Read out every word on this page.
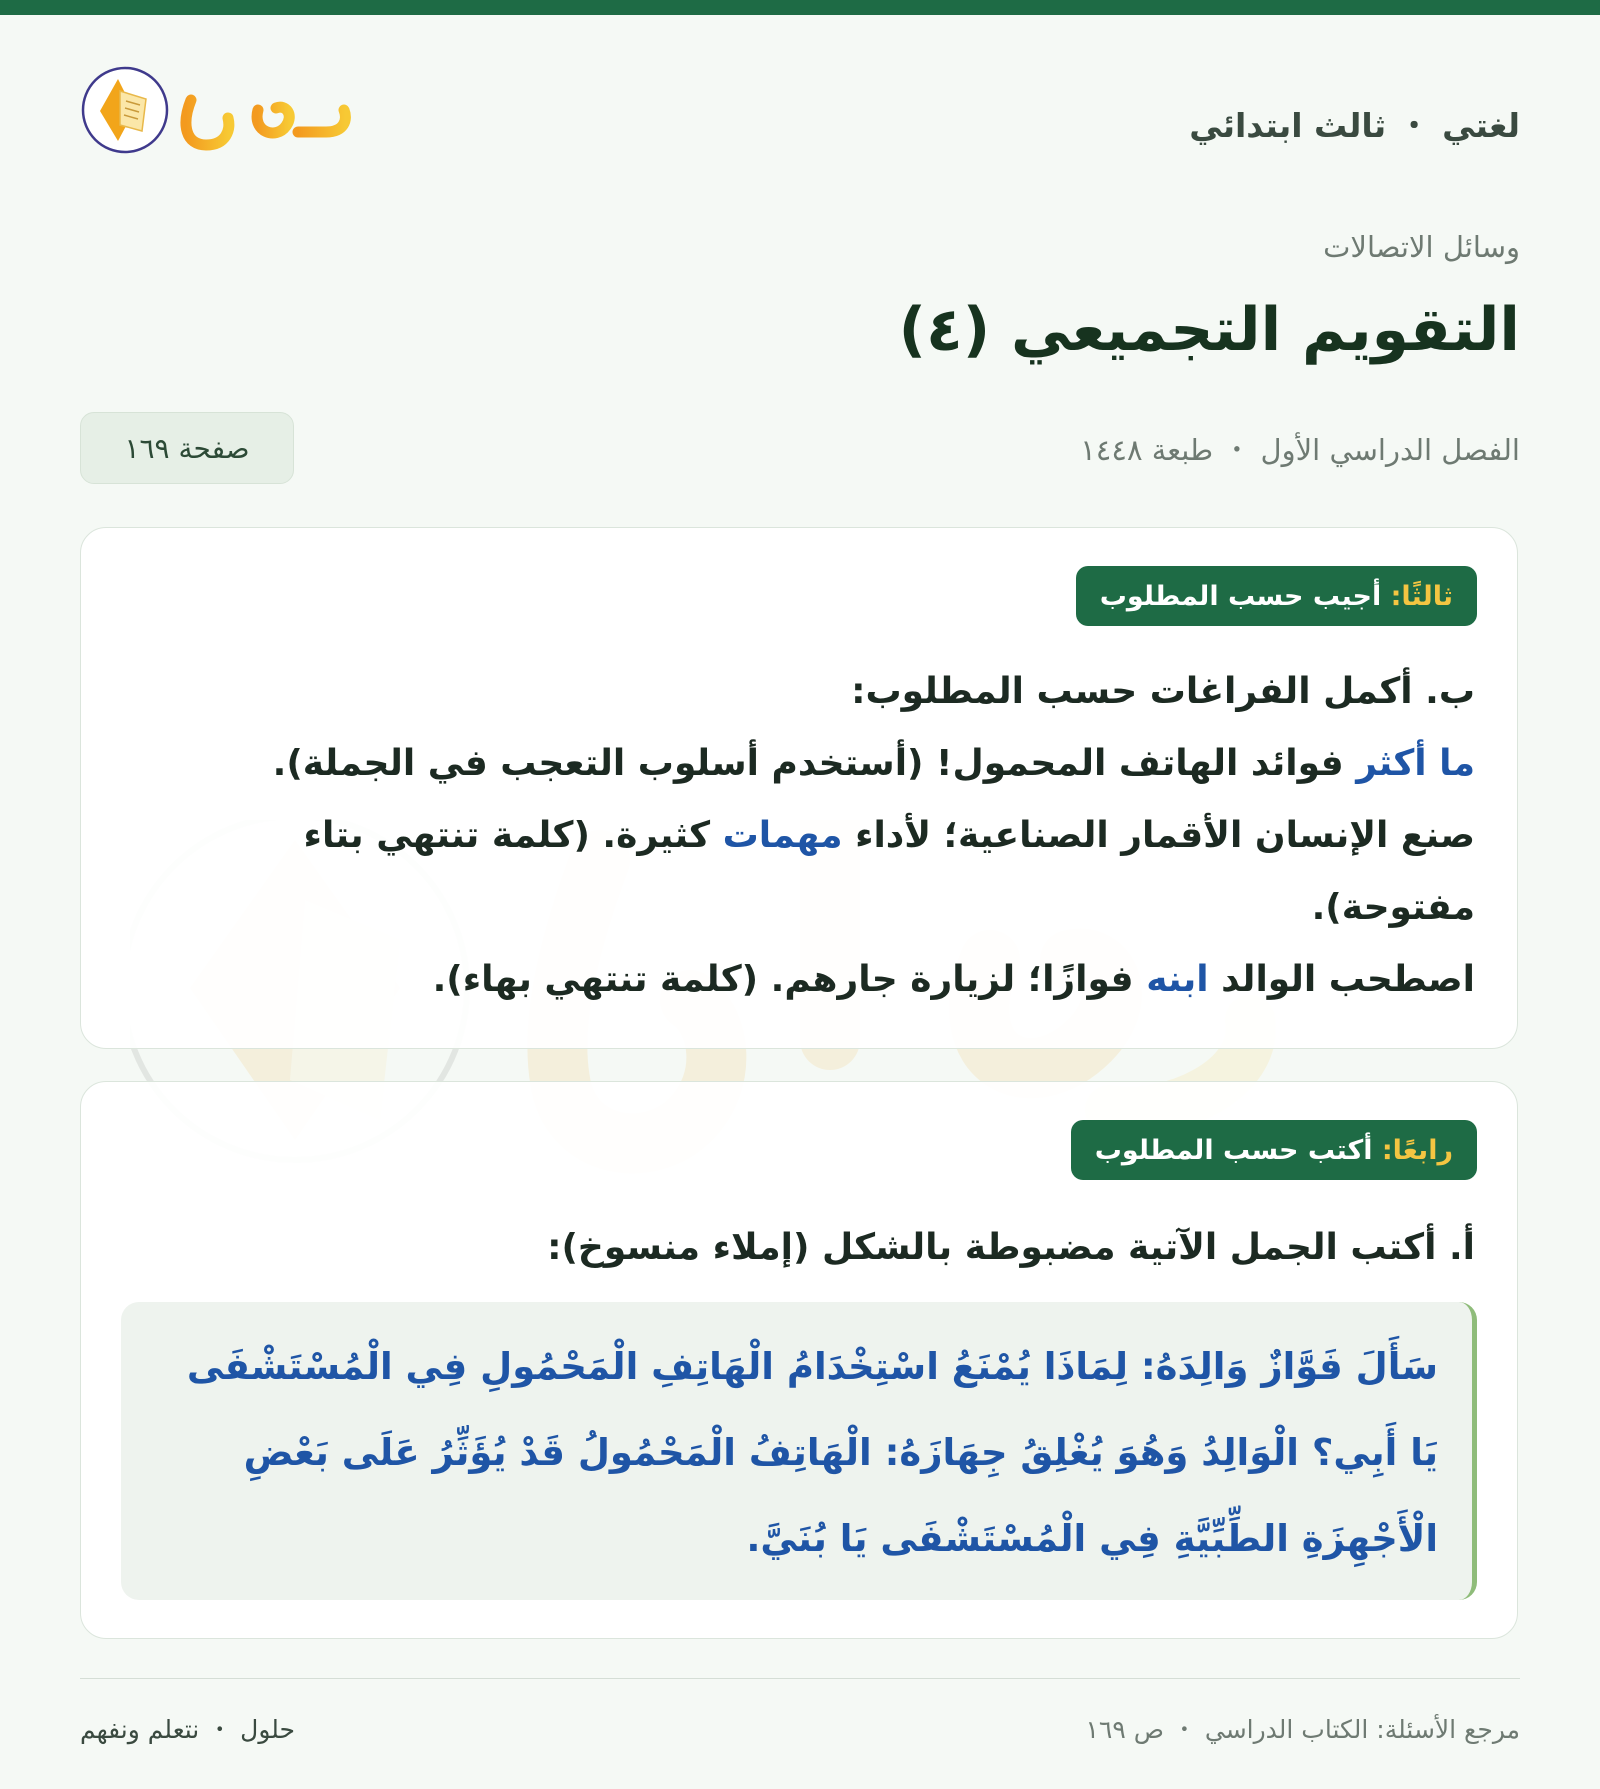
لغتي ・ ثالث ابتدائي
وسائل الاتصالات
التقويم التجميعي (٤)
الفصل الدراسي الأول ・ طبعة ١٤٤٨
صفحة ١٦٩
ثالثًا:

أجيب حسب المطلوب
ب. أكمل الفراغات حسب المطلوب:
ما أكثر فوائد الهاتف المحمول! (أستخدم أسلوب التعجب في الجملة).
صنع الإنسان الأقمار الصناعية؛ لأداء مهمات كثيرة. (كلمة تنتهي بتاء
مفتوحة).
اصطحب الوالد ابنه فوازًا؛ لزيارة جارهم. (كلمة تنتهي بهاء).
رابعًا:

أكتب حسب المطلوب
أ. أكتب الجمل الآتية مضبوطة بالشكل (إملاء منسوخ):
سَأَلَ فَوَّازٌ وَالِدَهُ: لِمَاذَا يُمْنَعُ اسْتِخْدَامُ الْهَاتِفِ الْمَحْمُولِ فِي الْمُسْتَشْفَى يَا أَبِي؟ الْوَالِدُ وَهُوَ يُغْلِقُ جِهَازَهُ: الْهَاتِفُ الْمَحْمُولُ قَدْ يُؤَثِّرُ عَلَى بَعْضِ الْأَجْهِزَةِ الطِّبِّيَّةِ فِي الْمُسْتَشْفَى يَا بُنَيَّ.
حلول ・ نتعلم ونفهم	مرجع الأسئلة: الكتاب الدراسي ・ ص ١٦٩
